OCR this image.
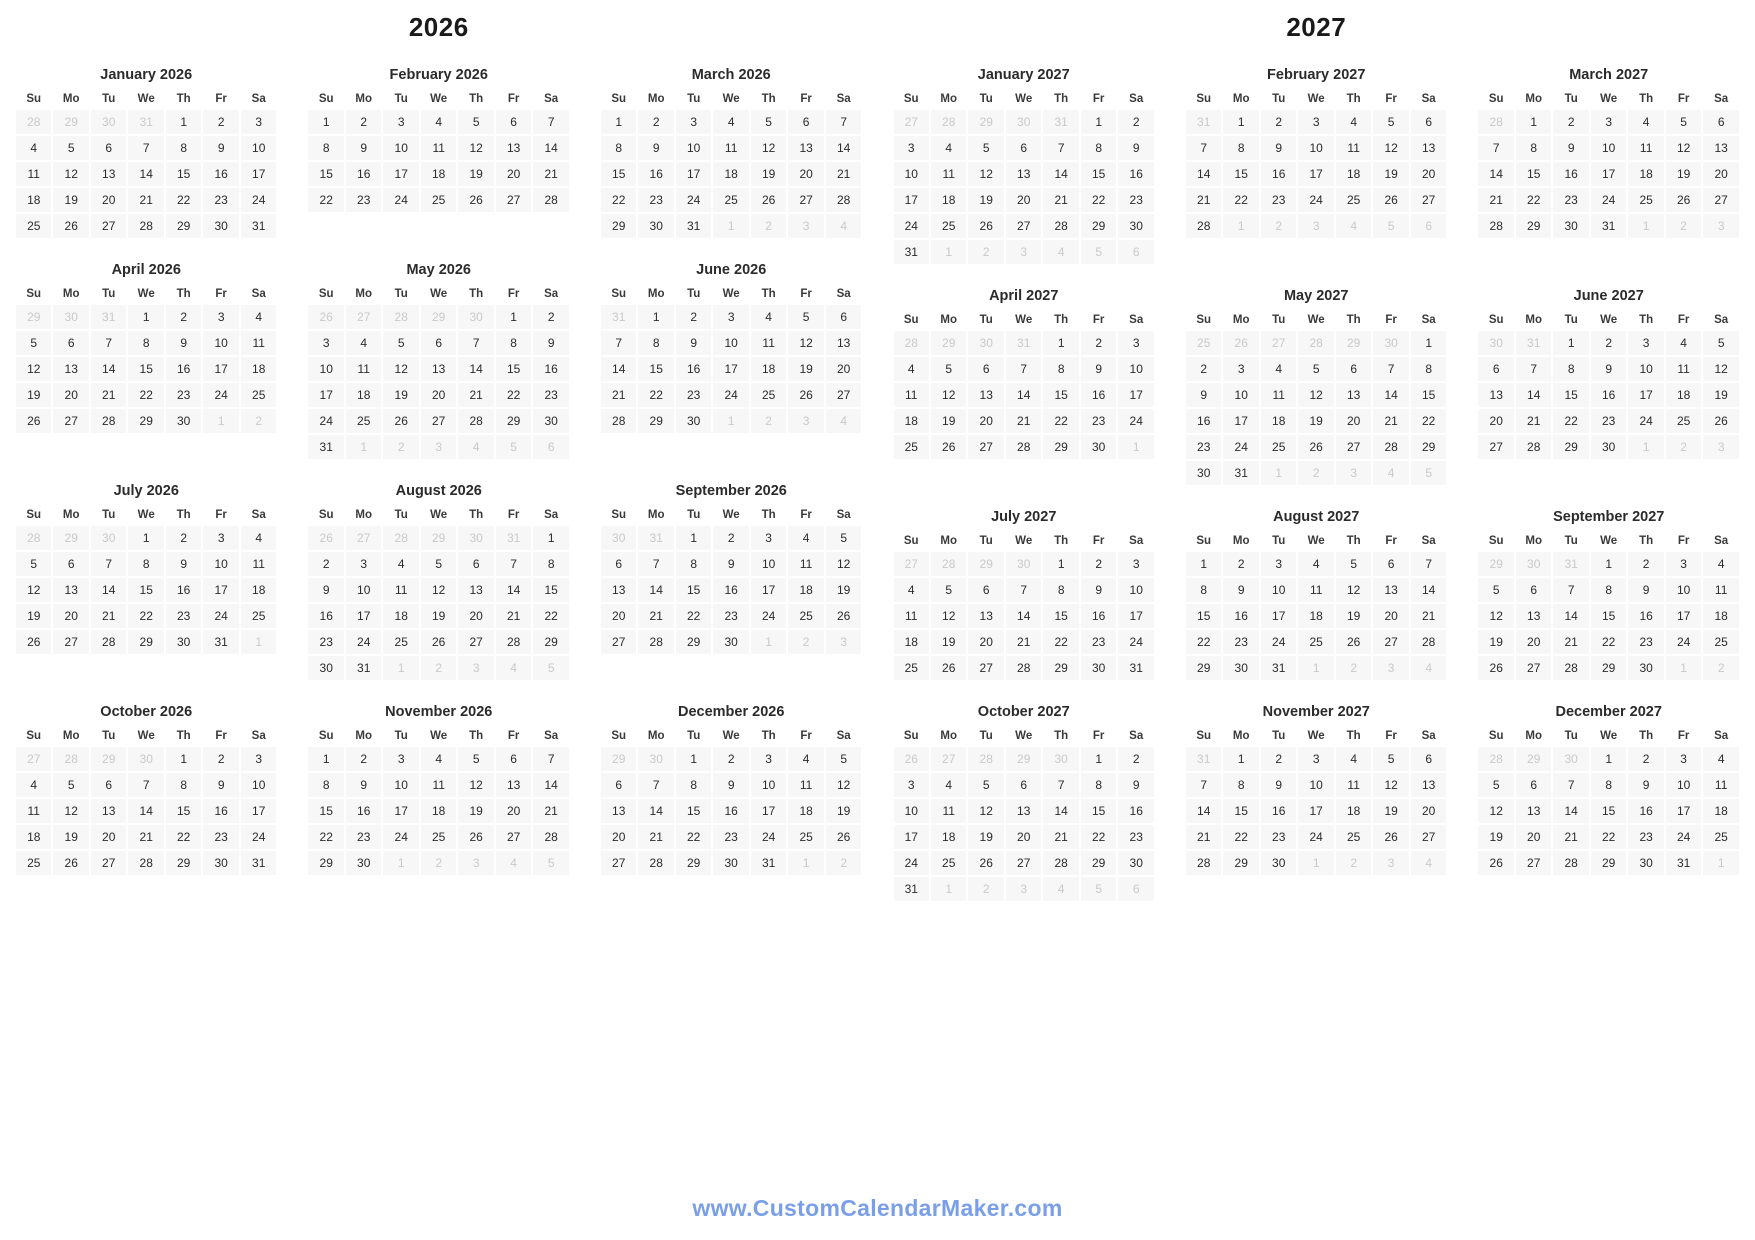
2026
January 2026
Su	Mo	Tu	We	Th	Fr	Sa
28	29	30	31	1	2	3
4	5	6	7	8	9	10
11	12	13	14	15	16	17
18	19	20	21	22	23	24
25	26	27	28	29	30	31
February 2026
Su	Mo	Tu	We	Th	Fr	Sa
1	2	3	4	5	6	7
8	9	10	11	12	13	14
15	16	17	18	19	20	21
22	23	24	25	26	27	28
March 2026
Su	Mo	Tu	We	Th	Fr	Sa
1	2	3	4	5	6	7
8	9	10	11	12	13	14
15	16	17	18	19	20	21
22	23	24	25	26	27	28
29	30	31	1	2	3	4
April 2026
Su	Mo	Tu	We	Th	Fr	Sa
29	30	31	1	2	3	4
5	6	7	8	9	10	11
12	13	14	15	16	17	18
19	20	21	22	23	24	25
26	27	28	29	30	1	2
May 2026
Su	Mo	Tu	We	Th	Fr	Sa
26	27	28	29	30	1	2
3	4	5	6	7	8	9
10	11	12	13	14	15	16
17	18	19	20	21	22	23
24	25	26	27	28	29	30
31	1	2	3	4	5	6
June 2026
Su	Mo	Tu	We	Th	Fr	Sa
31	1	2	3	4	5	6
7	8	9	10	11	12	13
14	15	16	17	18	19	20
21	22	23	24	25	26	27
28	29	30	1	2	3	4
July 2026
Su	Mo	Tu	We	Th	Fr	Sa
28	29	30	1	2	3	4
5	6	7	8	9	10	11
12	13	14	15	16	17	18
19	20	21	22	23	24	25
26	27	28	29	30	31	1
August 2026
Su	Mo	Tu	We	Th	Fr	Sa
26	27	28	29	30	31	1
2	3	4	5	6	7	8
9	10	11	12	13	14	15
16	17	18	19	20	21	22
23	24	25	26	27	28	29
30	31	1	2	3	4	5
September 2026
Su	Mo	Tu	We	Th	Fr	Sa
30	31	1	2	3	4	5
6	7	8	9	10	11	12
13	14	15	16	17	18	19
20	21	22	23	24	25	26
27	28	29	30	1	2	3
October 2026
Su	Mo	Tu	We	Th	Fr	Sa
27	28	29	30	1	2	3
4	5	6	7	8	9	10
11	12	13	14	15	16	17
18	19	20	21	22	23	24
25	26	27	28	29	30	31
November 2026
Su	Mo	Tu	We	Th	Fr	Sa
1	2	3	4	5	6	7
8	9	10	11	12	13	14
15	16	17	18	19	20	21
22	23	24	25	26	27	28
29	30	1	2	3	4	5
December 2026
Su	Mo	Tu	We	Th	Fr	Sa
29	30	1	2	3	4	5
6	7	8	9	10	11	12
13	14	15	16	17	18	19
20	21	22	23	24	25	26
27	28	29	30	31	1	2
2027
January 2027
Su	Mo	Tu	We	Th	Fr	Sa
27	28	29	30	31	1	2
3	4	5	6	7	8	9
10	11	12	13	14	15	16
17	18	19	20	21	22	23
24	25	26	27	28	29	30
31	1	2	3	4	5	6
February 2027
Su	Mo	Tu	We	Th	Fr	Sa
31	1	2	3	4	5	6
7	8	9	10	11	12	13
14	15	16	17	18	19	20
21	22	23	24	25	26	27
28	1	2	3	4	5	6
March 2027
Su	Mo	Tu	We	Th	Fr	Sa
28	1	2	3	4	5	6
7	8	9	10	11	12	13
14	15	16	17	18	19	20
21	22	23	24	25	26	27
28	29	30	31	1	2	3
April 2027
Su	Mo	Tu	We	Th	Fr	Sa
28	29	30	31	1	2	3
4	5	6	7	8	9	10
11	12	13	14	15	16	17
18	19	20	21	22	23	24
25	26	27	28	29	30	1
May 2027
Su	Mo	Tu	We	Th	Fr	Sa
25	26	27	28	29	30	1
2	3	4	5	6	7	8
9	10	11	12	13	14	15
16	17	18	19	20	21	22
23	24	25	26	27	28	29
30	31	1	2	3	4	5
June 2027
Su	Mo	Tu	We	Th	Fr	Sa
30	31	1	2	3	4	5
6	7	8	9	10	11	12
13	14	15	16	17	18	19
20	21	22	23	24	25	26
27	28	29	30	1	2	3
July 2027
Su	Mo	Tu	We	Th	Fr	Sa
27	28	29	30	1	2	3
4	5	6	7	8	9	10
11	12	13	14	15	16	17
18	19	20	21	22	23	24
25	26	27	28	29	30	31
August 2027
Su	Mo	Tu	We	Th	Fr	Sa
1	2	3	4	5	6	7
8	9	10	11	12	13	14
15	16	17	18	19	20	21
22	23	24	25	26	27	28
29	30	31	1	2	3	4
September 2027
Su	Mo	Tu	We	Th	Fr	Sa
29	30	31	1	2	3	4
5	6	7	8	9	10	11
12	13	14	15	16	17	18
19	20	21	22	23	24	25
26	27	28	29	30	1	2
October 2027
Su	Mo	Tu	We	Th	Fr	Sa
26	27	28	29	30	1	2
3	4	5	6	7	8	9
10	11	12	13	14	15	16
17	18	19	20	21	22	23
24	25	26	27	28	29	30
31	1	2	3	4	5	6
November 2027
Su	Mo	Tu	We	Th	Fr	Sa
31	1	2	3	4	5	6
7	8	9	10	11	12	13
14	15	16	17	18	19	20
21	22	23	24	25	26	27
28	29	30	1	2	3	4
December 2027
Su	Mo	Tu	We	Th	Fr	Sa
28	29	30	1	2	3	4
5	6	7	8	9	10	11
12	13	14	15	16	17	18
19	20	21	22	23	24	25
26	27	28	29	30	31	1
www.CustomCalendarMaker.com
